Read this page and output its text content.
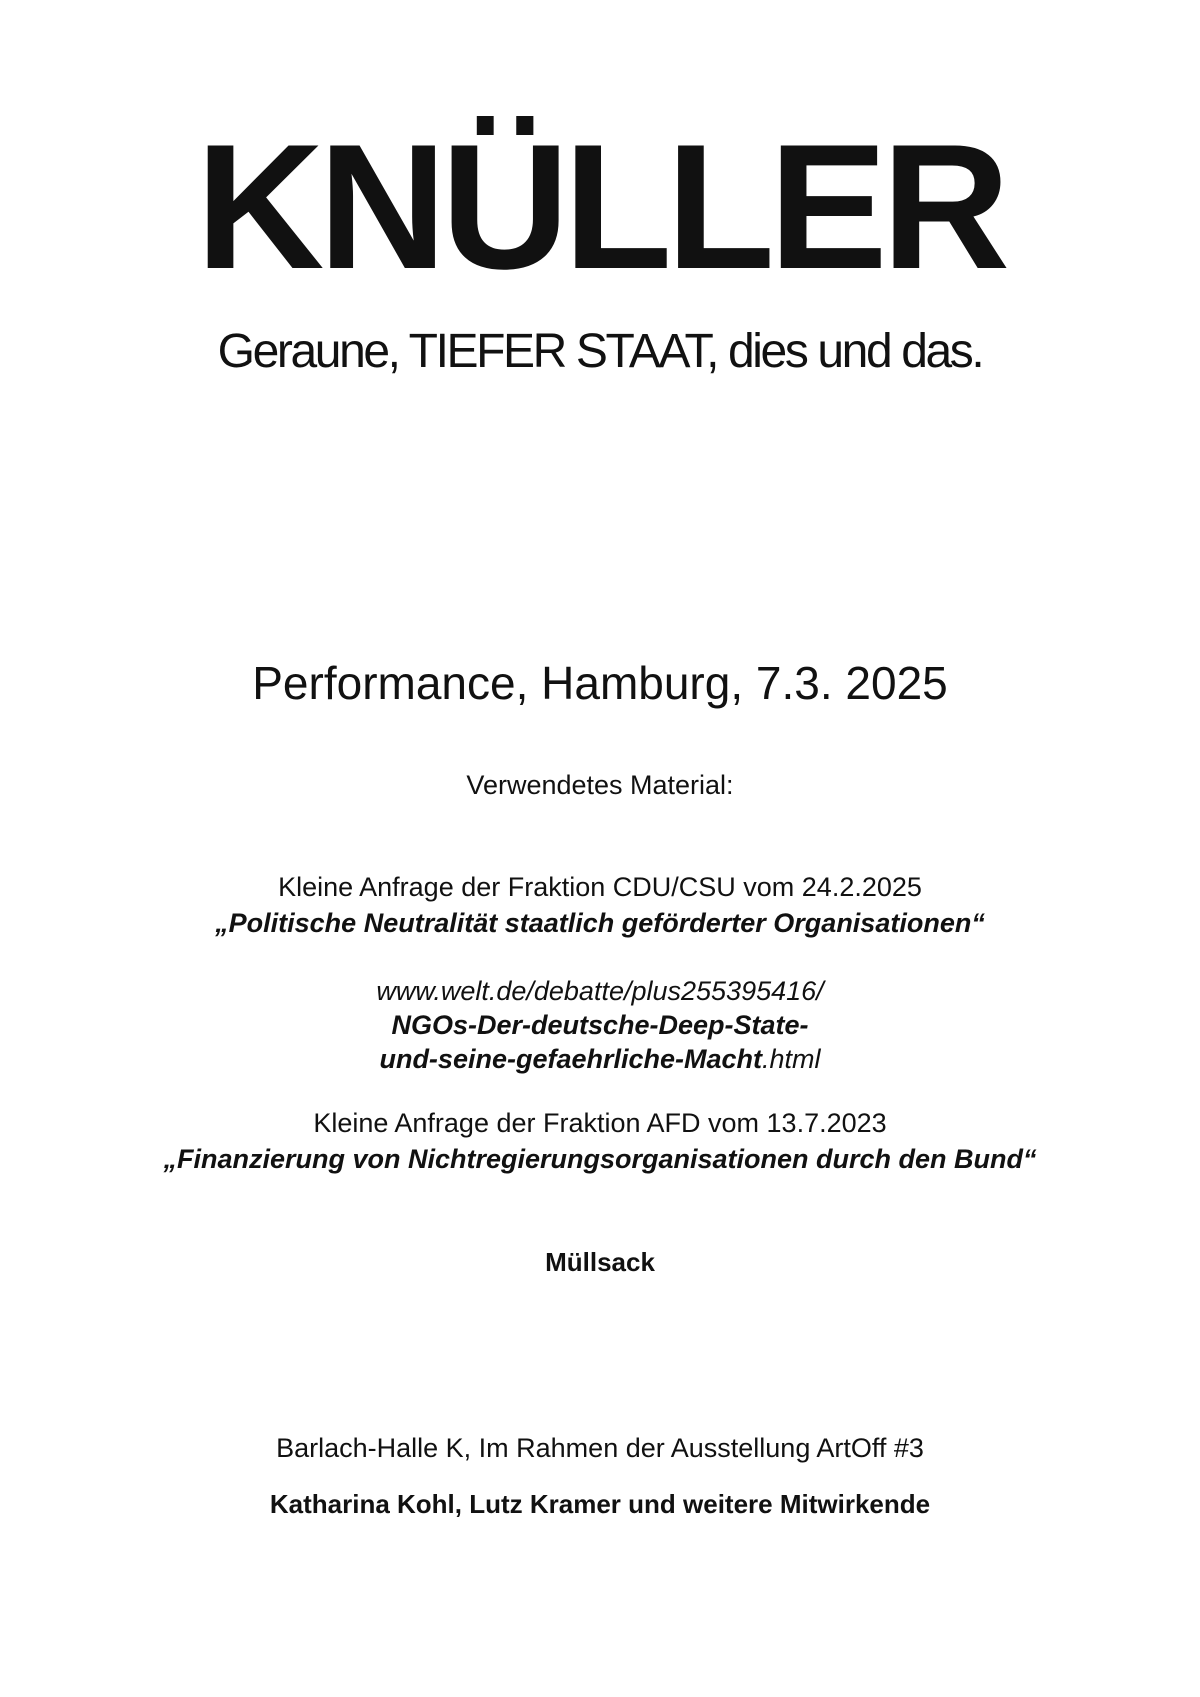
KNÜLLER

Geraune, TIEFER STAAT, dies und das.

Performance, Hamburg, 7.3. 2025

Verwendetes Material:

Kleine Anfrage der Fraktion CDU/CSU vom 24.2.2025

„Politische Neutralität staatlich geförderter Organisationen“

www.welt.de/debatte/plus255395416/

NGOs-Der-deutsche-Deep-State-

und-seine-gefaehrliche-Macht.html

Kleine Anfrage der Fraktion AFD vom 13.7.2023

„Finanzierung von Nichtregierungsorganisationen durch den Bund“

Müllsack

Barlach-Halle K, Im Rahmen der Ausstellung ArtOff #3

Katharina Kohl, Lutz Kramer und weitere Mitwirkende
